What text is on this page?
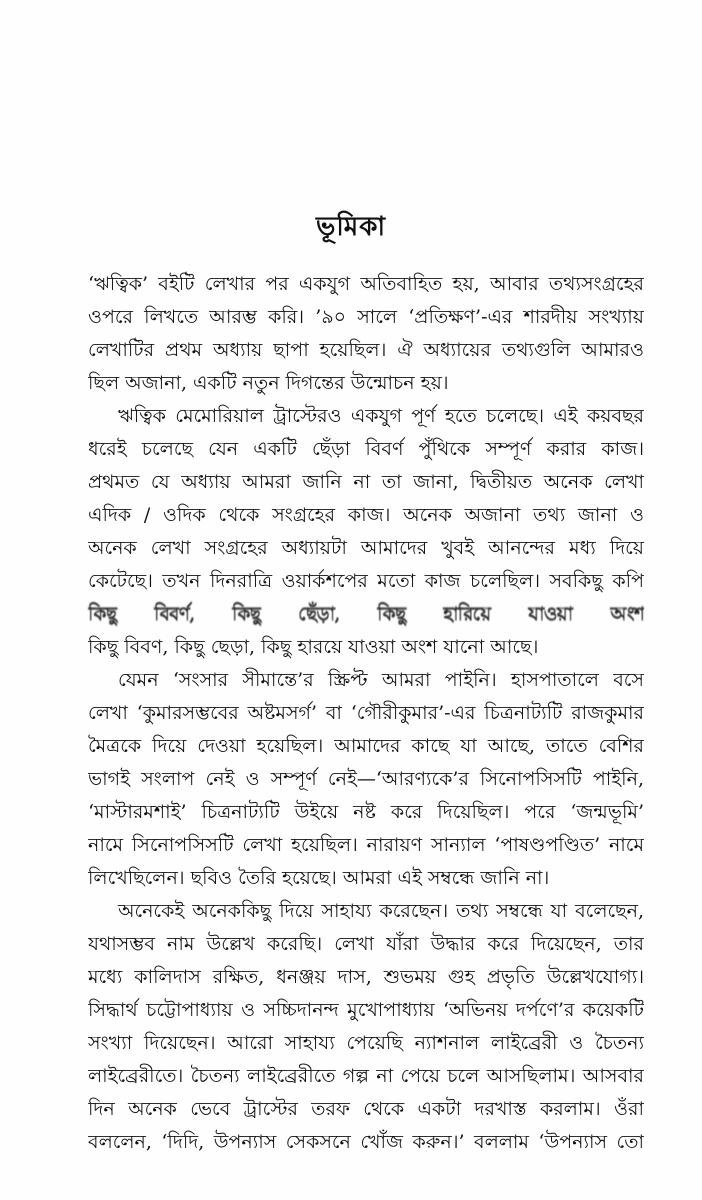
ভূমিকা
‘ঋত্বিক’ বইটি লেখার পর একযুগ অতিবাহিত হয়, আবার তথ্যসংগ্রহের
ওপরে লিখতে আরম্ভ করি। ’৯০ সালে ‘প্রতিক্ষণ’-এর শারদীয় সংখ্যায়
লেখাটির প্রথম অধ্যায় ছাপা হয়েছিল। ঐ অধ্যায়ের তথ্যগুলি আমারও
ছিল অজানা, একটি নতুন দিগন্তের উন্মোচন হয়।
ঋত্বিক মেমোরিয়াল ট্রাস্টেরও একযুগ পূর্ণ হতে চলেছে। এই কয়বছর
ধরেই চলেছে যেন একটি ছেঁড়া বিবর্ণ পুঁথিকে সম্পূর্ণ করার কাজ।
প্রথমত যে অধ্যায় আমরা জানি না তা জানা, দ্বিতীয়ত অনেক লেখা
এদিক / ওদিক থেকে সংগ্রহের কাজ। অনেক অজানা তথ্য জানা ও
অনেক লেখা সংগ্রহের অধ্যায়টা আমাদের খুবই আনন্দের মধ্য দিয়ে
কেটেছে। তখন দিনরাত্রি ওয়ার্কশপের মতো কাজ চলেছিল। সবকিছু কপি
কিছু বিবর্ণ, কিছু ছেঁড়া, কিছু হারিয়ে যাওয়া অংশ
কিছু বিবণ, কিছু ছেড়া, কিছু হারয়ে যাওয়া অংশ যানো আছে।
যেমন ‘সংসার সীমান্তে’র স্ক্রিপ্ট আমরা পাইনি। হাসপাতালে বসে
লেখা ‘কুমারসম্ভবের অষ্টমসর্গ’ বা ‘গৌরীকুমার’-এর চিত্রনাট্যটি রাজকুমার
মৈত্রকে দিয়ে দেওয়া হয়েছিল। আমাদের কাছে যা আছে, তাতে বেশির
ভাগই সংলাপ নেই ও সম্পূর্ণ নেই—‘আরণ্যকে’র সিনোপসিসটি পাইনি,
‘মাস্টারমশাই’ চিত্রনাট্যটি উইয়ে নষ্ট করে দিয়েছিল। পরে ‘জন্মভূমি’
নামে সিনোপসিসটি লেখা হয়েছিল। নারায়ণ সান্যাল ‘পাষণ্ডপণ্ডিত’ নামে
লিখেছিলেন। ছবিও তৈরি হয়েছে। আমরা এই সম্বন্ধে জানি না।
অনেকেই অনেককিছু দিয়ে সাহায্য করেছেন। তথ্য সম্বন্ধে যা বলেছেন,
যথাসম্ভব নাম উল্লেখ করেছি। লেখা যাঁরা উদ্ধার করে দিয়েছেন, তার
মধ্যে কালিদাস রক্ষিত, ধনঞ্জয় দাস, শুভময় গুহ প্রভৃতি উল্লেখযোগ্য।
সিদ্ধার্থ চট্টোপাধ্যায় ও সচ্চিদানন্দ মুখোপাধ্যায় ‘অভিনয় দর্পণে’র কয়েকটি
সংখ্যা দিয়েছেন। আরো সাহায্য পেয়েছি ন্যাশনাল লাইব্রেরী ও চৈতন্য
লাইব্রেরীতে। চৈতন্য লাইব্রেরীতে গল্প না পেয়ে চলে আসছিলাম। আসবার
দিন অনেক ভেবে ট্রাস্টের তরফ থেকে একটা দরখাস্ত করলাম। ওঁরা
বললেন, ‘দিদি, উপন্যাস সেকসনে খোঁজ করুন।’ বললাম ‘উপন্যাস তো
